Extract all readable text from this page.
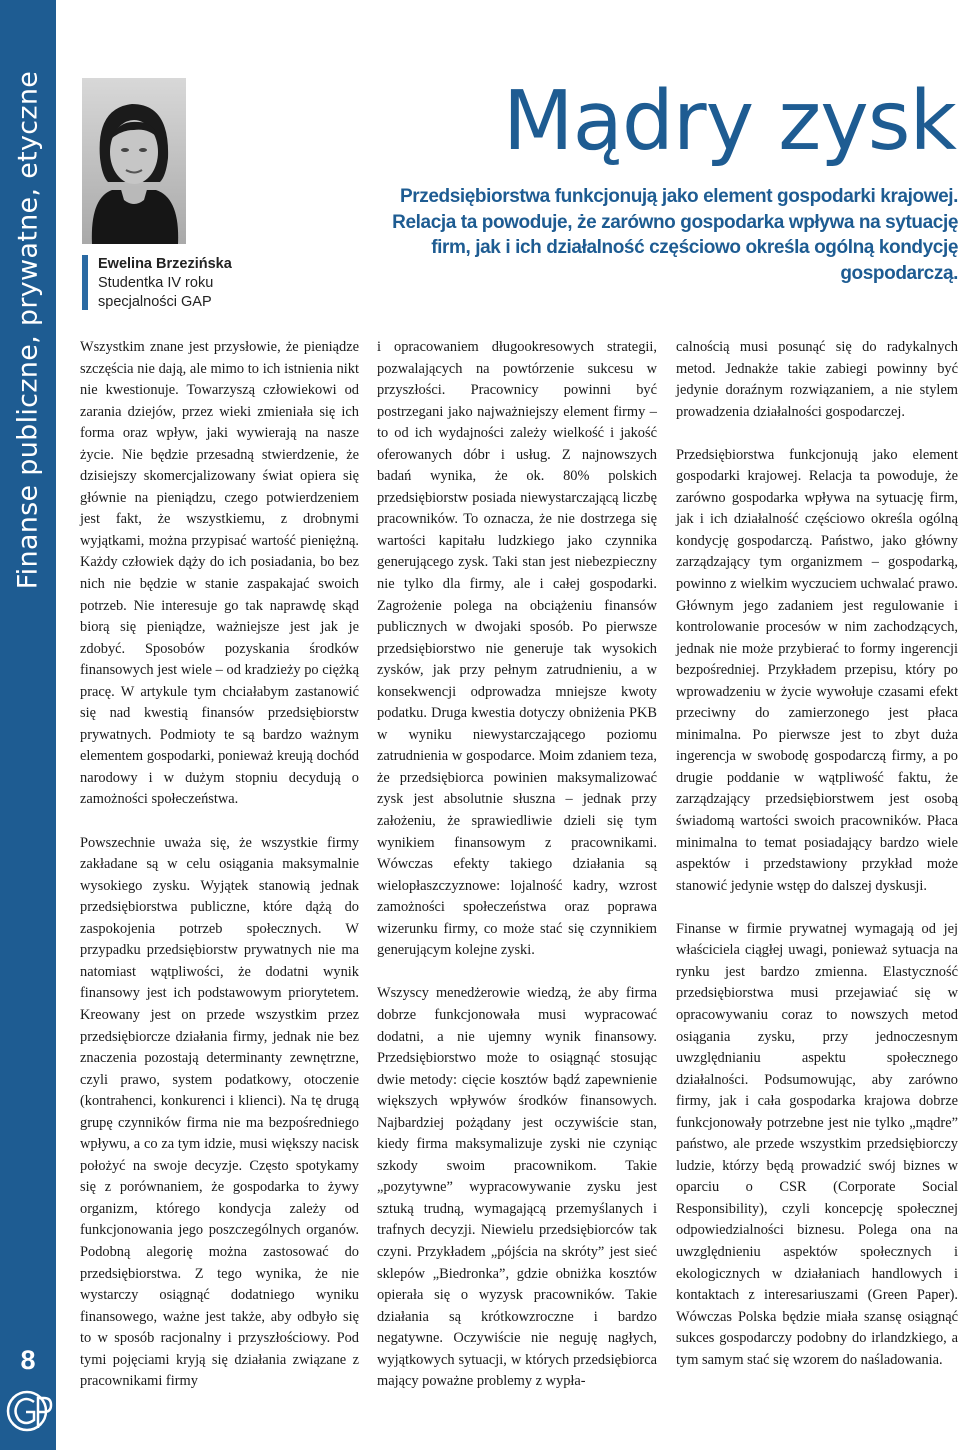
Finanse publiczne, prywatne, etyczne
8
Ewelina Brzezińska
Studentka IV roku
specjalności GAP
Mądry zysk

Przedsiębiorstwa funkcjonują jako element gospodarki krajowej. Relacja ta powoduje, że zarówno gospodarka wpływa na sytuację firm, jak i ich działalność częściowo określa ogólną kondycję gospodarczą.

Wszystkim znane jest przysłowie, że pieniądze szczęścia nie dają, ale mimo to ich istnienia nikt nie kwestionuje. Towarzyszą człowiekowi od zarania dziejów, przez wieki zmieniała się ich forma oraz wpływ, jaki wywierają na nasze życie. Nie będzie przesadną stwierdzenie, że dzisiejszy skomercjalizowany świat opiera się głównie na pieniądzu, czego potwierdzeniem jest fakt, że wszystkiemu, z drobnymi wyjątkami, można przypisać wartość pieniężną. Każdy człowiek dąży do ich posiadania, bo bez nich nie będzie w stanie zaspakajać swoich potrzeb. Nie interesuje go tak naprawdę skąd biorą się pieniądze, ważniejsze jest jak je zdobyć. Sposobów pozyskania środków finansowych jest wiele – od kradzieży po ciężką pracę. W artykule tym chciałabym zastanowić się nad kwestią finansów przedsiębiorstw prywatnych. Podmioty te są bardzo ważnym elementem gospodarki, ponieważ kreują dochód narodowy i w dużym stopniu decydują o zamożności społeczeństwa.

Powszechnie uważa się, że wszystkie firmy zakładane są w celu osiągania maksymalnie wysokiego zysku. Wyjątek stanowią jednak przedsiębiorstwa publiczne, które dążą do zaspokojenia potrzeb społecznych. W przypadku przedsiębiorstw prywatnych nie ma natomiast wątpliwości, że dodatni wynik finansowy jest ich podstawowym priorytetem. Kreowany jest on przede wszystkim przez przedsiębiorcze działania firmy, jednak nie bez znaczenia pozostają determinanty zewnętrzne, czyli prawo, system podatkowy, otoczenie (kontrahenci, konkurenci i klienci). Na tę drugą grupę czynników firma nie ma bezpośredniego wpływu, a co za tym idzie, musi większy nacisk położyć na swoje decyzje. Często spotykamy się z porównaniem, że gospodarka to żywy organizm, którego kondycja zależy od funkcjonowania jego poszczególnych organów. Podobną alegorię można zastosować do przedsiębiorstwa. Z tego wynika, że nie wystarczy osiągnąć dodatniego wyniku finansowego, ważne jest także, aby odbyło się to w sposób racjonalny i przyszłościowy. Pod tymi pojęciami kryją się działania związane z pracownikami firmy

i opracowaniem długookresowych strategii, pozwalających na powtórzenie sukcesu w przyszłości. Pracownicy powinni być postrzegani jako najważniejszy element firmy – to od ich wydajności zależy wielkość i jakość oferowanych dóbr i usług. Z najnowszych badań wynika, że ok. 80% polskich przedsiębiorstw posiada niewystarczającą liczbę pracowników. To oznacza, że nie dostrzega się wartości kapitału ludzkiego jako czynnika generującego zysk. Taki stan jest niebezpieczny nie tylko dla firmy, ale i całej gospodarki. Zagrożenie polega na obciążeniu finansów publicznych w dwojaki sposób. Po pierwsze przedsiębiorstwo nie generuje tak wysokich zysków, jak przy pełnym zatrudnieniu, a w konsekwencji odprowadza mniejsze kwoty podatku. Druga kwestia dotyczy obniżenia PKB w wyniku niewystarczającego poziomu zatrudnienia w gospodarce. Moim zdaniem teza, że przedsiębiorca powinien maksymalizować zysk jest absolutnie słuszna – jednak przy założeniu, że sprawiedliwie dzieli się tym wynikiem finansowym z pracownikami. Wówczas efekty takiego działania są wielopłaszczyznowe: lojalność kadry, wzrost zamożności społeczeństwa oraz poprawa wizerunku firmy, co może stać się czynnikiem generującym kolejne zyski.

Wszyscy menedżerowie wiedzą, że aby firma dobrze funkcjonowała musi wypracować dodatni, a nie ujemny wynik finansowy. Przedsiębiorstwo może to osiągnąć stosując dwie metody: cięcie kosztów bądź zapewnienie większych wpływów środków finansowych. Najbardziej pożądany jest oczywiście stan, kiedy firma maksymalizuje zyski nie czyniąc szkody swoim pracownikom. Takie „pozytywne” wypracowywanie zysku jest sztuką trudną, wymagającą przemyślanych i trafnych decyzji. Niewielu przedsiębiorców tak czyni. Przykładem „pójścia na skróty” jest sieć sklepów „Biedronka”, gdzie obniżka kosztów opierała się o wyzysk pracowników. Takie działania są krótkowzroczne i bardzo negatywne. Oczywiście nie neguję nagłych, wyjątkowych sytuacji, w których przedsiębiorca mający poważne problemy z wypła-

calnością musi posunąć się do radykalnych metod. Jednakże takie zabiegi powinny być jedynie doraźnym rozwiązaniem, a nie stylem prowadzenia działalności gospodarczej.

Przedsiębiorstwa funkcjonują jako element gospodarki krajowej. Relacja ta powoduje, że zarówno gospodarka wpływa na sytuację firm, jak i ich działalność częściowo określa ogólną kondycję gospodarczą. Państwo, jako główny zarządzający tym organizmem – gospodarką, powinno z wielkim wyczuciem uchwalać prawo. Głównym jego zadaniem jest regulowanie i kontrolowanie procesów w nim zachodzących, jednak nie może przybierać to formy ingerencji bezpośredniej. Przykładem przepisu, który po wprowadzeniu w życie wywołuje czasami efekt przeciwny do zamierzonego jest płaca minimalna. Po pierwsze jest to zbyt duża ingerencja w swobodę gospodarczą firmy, a po drugie poddanie w wątpliwość faktu, że zarządzający przedsiębiorstwem jest osobą świadomą wartości swoich pracowników. Płaca minimalna to temat posiadający bardzo wiele aspektów i przedstawiony przykład może stanowić jedynie wstęp do dalszej dyskusji.

Finanse w firmie prywatnej wymagają od jej właściciela ciągłej uwagi, ponieważ sytuacja na rynku jest bardzo zmienna. Elastyczność przedsiębiorstwa musi przejawiać się w opracowywaniu coraz to nowszych metod osiągania zysku, przy jednoczesnym uwzględnianiu aspektu społecznego działalności. Podsumowując, aby zarówno firmy, jak i cała gospodarka krajowa dobrze funkcjonowały potrzebne jest nie tylko „mądre” państwo, ale przede wszystkim przedsiębiorczy ludzie, którzy będą prowadzić swój biznes w oparciu o CSR (Corporate Social Responsibility), czyli koncepcję społecznej odpowiedzialności biznesu. Polega ona na uwzględnieniu aspektów społecznych i ekologicznych w działaniach handlowych i kontaktach z interesariuszami (Green Paper). Wówczas Polska będzie miała szansę osiągnąć sukces gospodarczy podobny do irlandzkiego, a tym samym stać się wzorem do naśladowania.
